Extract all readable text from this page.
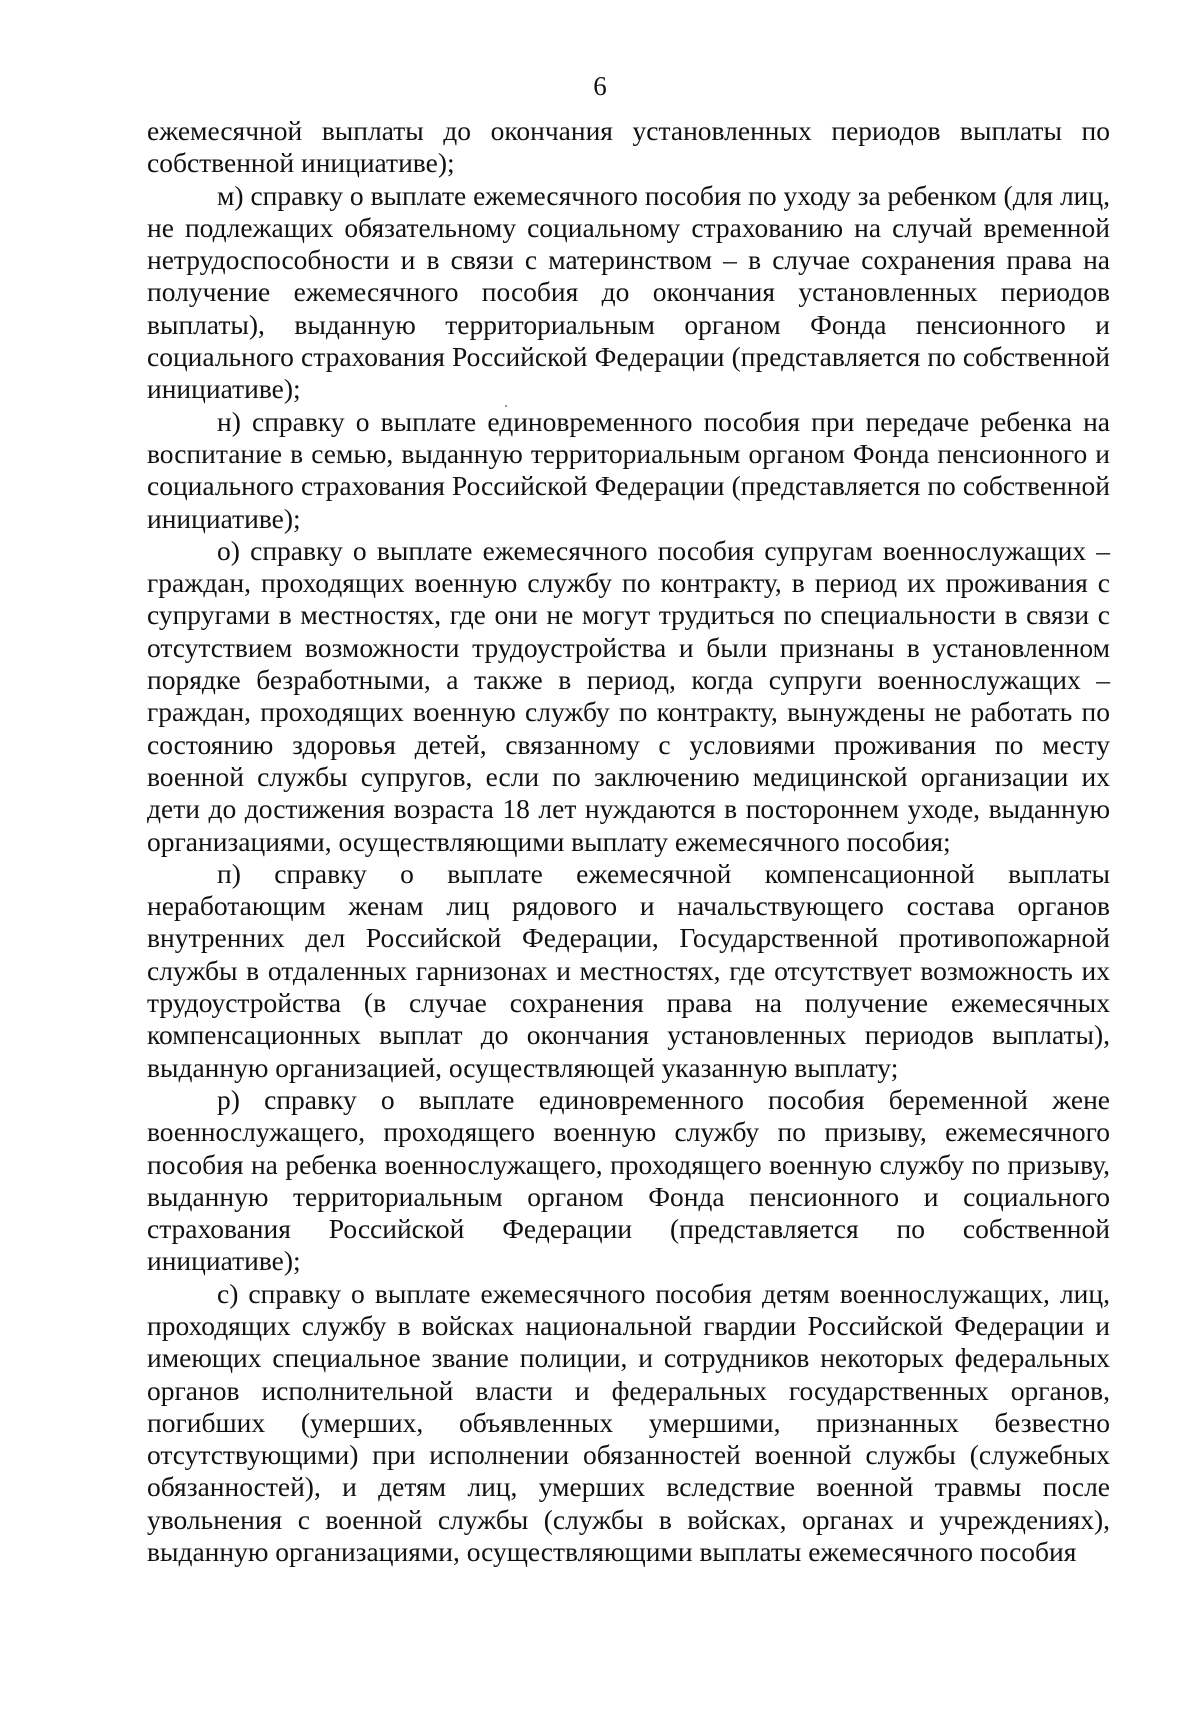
6

ежемесячной выплаты до окончания установленных периодов выплаты по собственной инициативе);

м) справку о выплате ежемесячного пособия по уходу за ребенком (для лиц, не подлежащих обязательному социальному страхованию на случай временной нетрудоспособности и в связи с материнством – в случае сохранения права на получение ежемесячного пособия до окончания установленных периодов выплаты), выданную территориальным органом Фонда пенсионного и социального страхования Российской Федерации (представляется по собственной инициативе);

н) справку о выплате единовременного пособия при передаче ребенка на воспитание в семью, выданную территориальным органом Фонда пенсионного и социального страхования Российской Федерации (представляется по собственной инициативе);

о) справку о выплате ежемесячного пособия супругам военнослужащих – граждан, проходящих военную службу по контракту, в период их проживания с супругами в местностях, где они не могут трудиться по специальности в связи с отсутствием возможности трудоустройства и были признаны в установленном порядке безработными, а также в период, когда супруги военнослужащих – граждан, проходящих военную службу по контракту, вынуждены не работать по состоянию здоровья детей, связанному с условиями проживания по месту военной службы супругов, если по заключению медицинской организации их дети до достижения возраста 18 лет нуждаются в постороннем уходе, выданную организациями, осуществляющими выплату ежемесячного пособия;

п) справку о выплате ежемесячной компенсационной выплаты неработающим женам лиц рядового и начальствующего состава органов внутренних дел Российской Федерации, Государственной противопожарной службы в отдаленных гарнизонах и местностях, где отсутствует возможность их трудоустройства (в случае сохранения права на получение ежемесячных компенсационных выплат до окончания установленных периодов выплаты), выданную организацией, осуществляющей указанную выплату;

р) справку о выплате единовременного пособия беременной жене военнослужащего, проходящего военную службу по призыву, ежемесячного пособия на ребенка военнослужащего, проходящего военную службу по призыву, выданную территориальным органом Фонда пенсионного и социального страхования Российской Федерации (представляется по собственной инициативе);

с) справку о выплате ежемесячного пособия детям военнослужащих, лиц, проходящих службу в войсках национальной гвардии Российской Федерации и имеющих специальное звание полиции, и сотрудников некоторых федеральных органов исполнительной власти и федеральных государственных органов, погибших (умерших, объявленных умершими, признанных безвестно отсутствующими) при исполнении обязанностей военной службы (служебных обязанностей), и детям лиц, умерших вследствие военной травмы после увольнения с военной службы (службы в войсках, органах и учреждениях), выданную организациями, осуществляющими выплаты ежемесячного пособия
